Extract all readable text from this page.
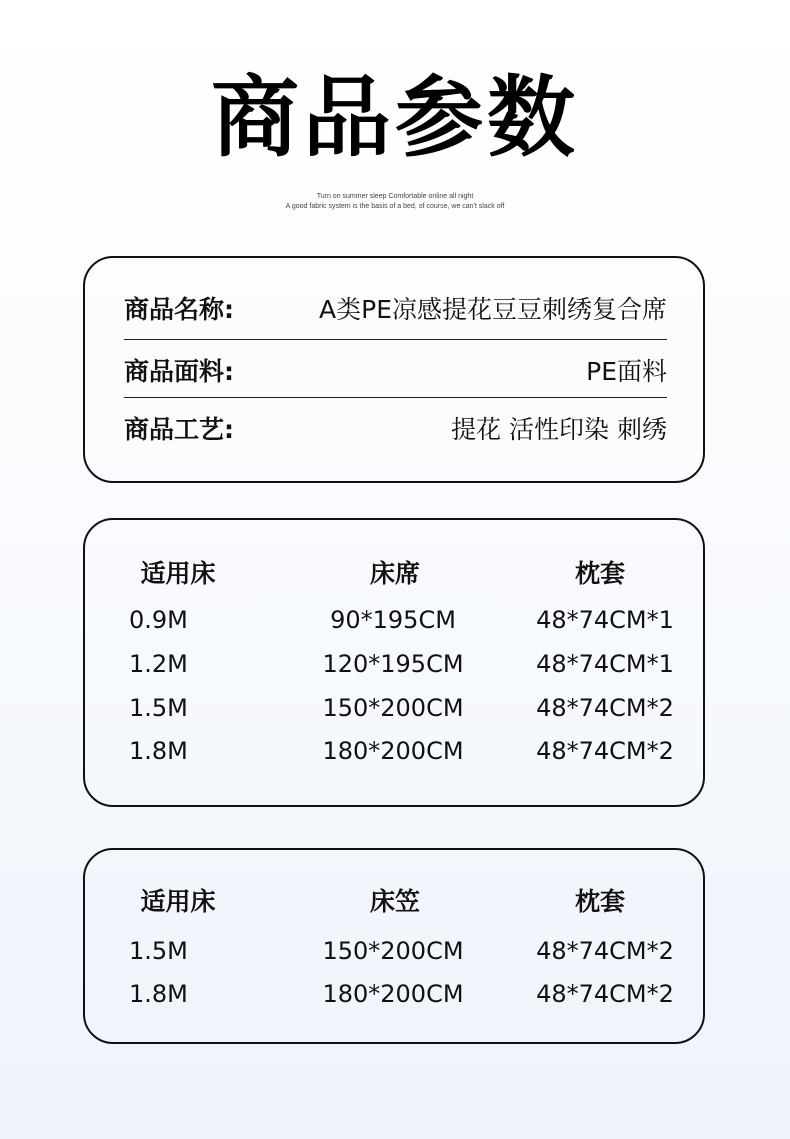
商品参数
Turn on summer sleep Comfortable online all night
A good fabric system is the basis of a bed, of course, we can't slack off
商品名称:	A类PE凉感提花豆豆刺绣复合席
商品面料:	PE面料
商品工艺:	提花 活性印染 刺绣
适用床	床席	枕套
0.9M	90*195CM	48*74CM*1
1.2M	120*195CM	48*74CM*1
1.5M	150*200CM	48*74CM*2
1.8M	180*200CM	48*74CM*2
适用床	床笠	枕套
1.5M	150*200CM	48*74CM*2
1.8M	180*200CM	48*74CM*2
